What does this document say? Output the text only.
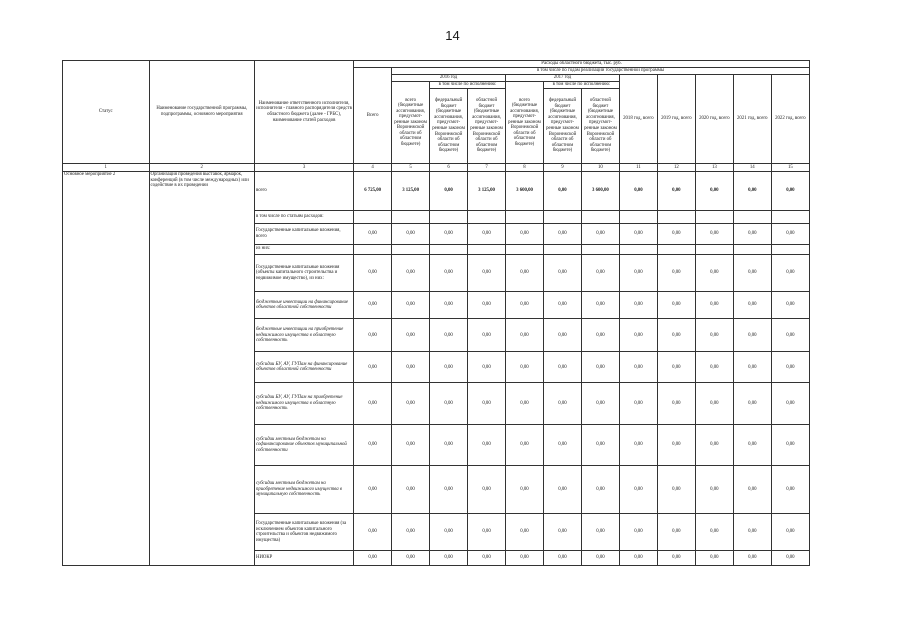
14
Статус	Наименование государственной программы, подпрограммы, основного мероприятия	Наименование ответственного исполнителя, исполнителя - главного распорядителя средств областного бюджета (далее - ГРБС), наименование статей расходов	Расходы областного бюджета, тыс. руб.											
			Всего	в том числе по годам реализации государственной программы										
				2016 год			2017 год			2018 год, всего	2019 год, всего	2020 год, всего	2021 год, всего	2022 год, всего
				всего (бюджетные ассигнования, предусмот-ренные законом Воронежской области об областном бюджете)	в том числе по исполнению:		всего (бюджетные ассигнования, предусмот-ренные законом Воронежской области об областном бюджете)	в том числе по исполнению:						
					федеральный бюджет (бюджетные ассигнования, предусмот-ренные законом Воронежской области об областном бюджете)	областной бюджет (бюджетные ассигнования, предусмот-ренные законом Воронежской области об областном бюджете)		федеральный бюджет (бюджетные ассигнования, предусмот-ренные законом Воронежской области об областном бюджете)	областной бюджет (бюджетные ассигнования, предусмот-ренные законом Воронежской области об областном бюджете)					
1	2	3	4	5	6	7	8	9	10	11	12	13	14	15
Основное мероприятие 2	Организация проведения выставок, ярмарок, конференций (в том числе международных) или содействие в их проведении	всего	6 725,00	3 125,00	0,00	3 125,00	3 600,00	0,00	3 600,00	0,00	0,00	0,00	0,00	0,00
		в том числе по статьям расходов:												
		Государственные капитальные вложения, всего	0,00	0,00	0,00	0,00	0,00	0,00	0,00	0,00	0,00	0,00	0,00	0,00
		из них:												
		Государственные капитальные вложения (объекты капитального строительства и недвижимое имущество), из них:	0,00	0,00	0,00	0,00	0,00	0,00	0,00	0,00	0,00	0,00	0,00	0,00
		бюджетные инвестиции на финансирование объектов областной собственности	0,00	0,00	0,00	0,00	0,00	0,00	0,00	0,00	0,00	0,00	0,00	0,00
		бюджетные инвестиции на приобретение недвижимого имущества в областную собственность	0,00	0,00	0,00	0,00	0,00	0,00	0,00	0,00	0,00	0,00	0,00	0,00
		субсидии БУ, АУ, ГУПам на финансирование объектов областной собственности	0,00	0,00	0,00	0,00	0,00	0,00	0,00	0,00	0,00	0,00	0,00	0,00
		субсидии БУ, АУ, ГУПам на приобретение недвижимого имущества в областную собственность	0,00	0,00	0,00	0,00	0,00	0,00	0,00	0,00	0,00	0,00	0,00	0,00
		субсидии местным бюджетам на софинансирование объектов муниципальной собственности	0,00	0,00	0,00	0,00	0,00	0,00	0,00	0,00	0,00	0,00	0,00	0,00
		субсидии местным бюджетам на приобретение недвижимого имущества в муниципальную собственность	0,00	0,00	0,00	0,00	0,00	0,00	0,00	0,00	0,00	0,00	0,00	0,00
		Государственные капитальные вложения (за исключением объектов капитального строительства и объектов недвижимого имущества)	0,00	0,00	0,00	0,00	0,00	0,00	0,00	0,00	0,00	0,00	0,00	0,00
		НИОКР	0,00	0,00	0,00	0,00	0,00	0,00	0,00	0,00	0,00	0,00	0,00	0,00
